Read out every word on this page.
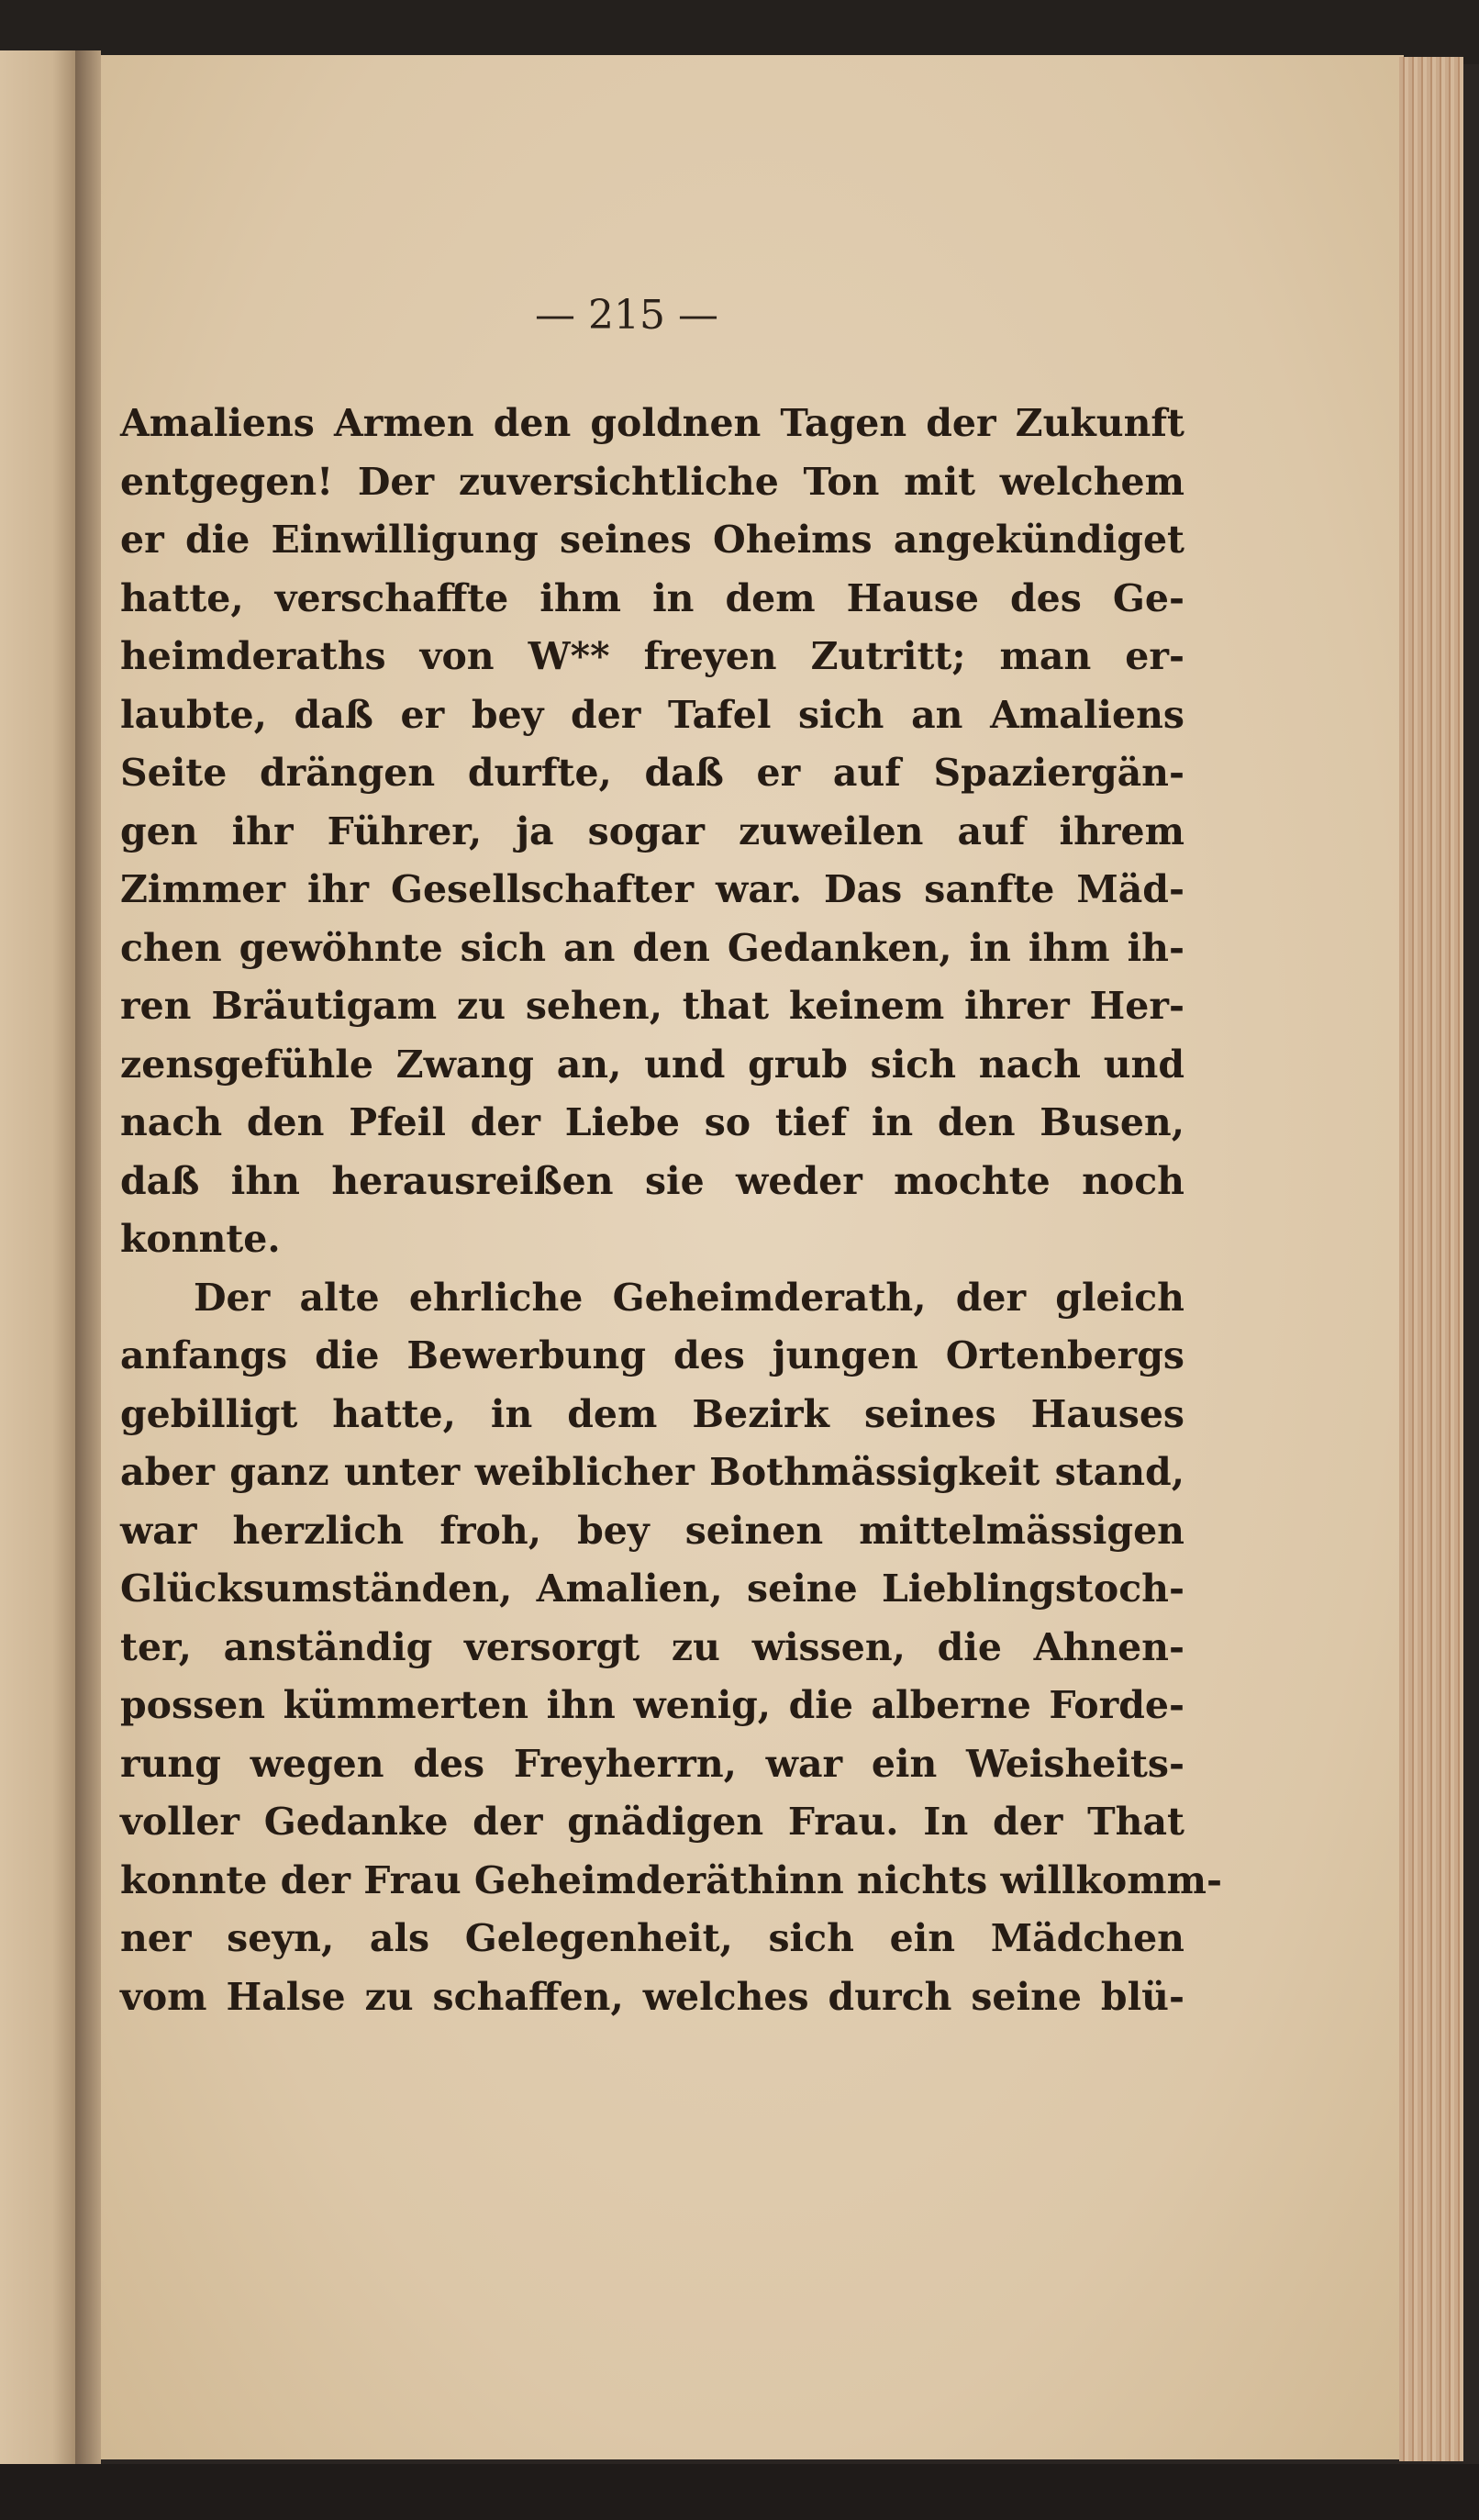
— 215 —
Amaliens Armen den goldnen Tagen der Zukunft
entgegen! Der zuversichtliche Ton mit welchem
er die Einwilligung seines Oheims angekündiget
hatte, verschaffte ihm in dem Hause des Ge-
heimderaths von W** freyen Zutritt; man er-
laubte, daß er bey der Tafel sich an Amaliens
Seite drängen durfte, daß er auf Spaziergän-
gen ihr Führer, ja sogar zuweilen auf ihrem
Zimmer ihr Gesellschafter war. Das sanfte Mäd-
chen gewöhnte sich an den Gedanken, in ihm ih-
ren Bräutigam zu sehen, that keinem ihrer Her-
zensgefühle Zwang an, und grub sich nach und
nach den Pfeil der Liebe so tief in den Busen,
daß ihn herausreißen sie weder mochte noch
konnte.
Der alte ehrliche Geheimderath, der gleich
anfangs die Bewerbung des jungen Ortenbergs
gebilligt hatte, in dem Bezirk seines Hauses
aber ganz unter weiblicher Bothmässigkeit stand,
war herzlich froh, bey seinen mittelmässigen
Glücksumständen, Amalien, seine Lieblingstoch-
ter, anständig versorgt zu wissen, die Ahnen-
possen kümmerten ihn wenig, die alberne Forde-
rung wegen des Freyherrn, war ein Weisheits-
voller Gedanke der gnädigen Frau. In der That
konnte der Frau Geheimderäthinn nichts willkomm-
ner seyn, als Gelegenheit, sich ein Mädchen
vom Halse zu schaffen, welches durch seine blü-
